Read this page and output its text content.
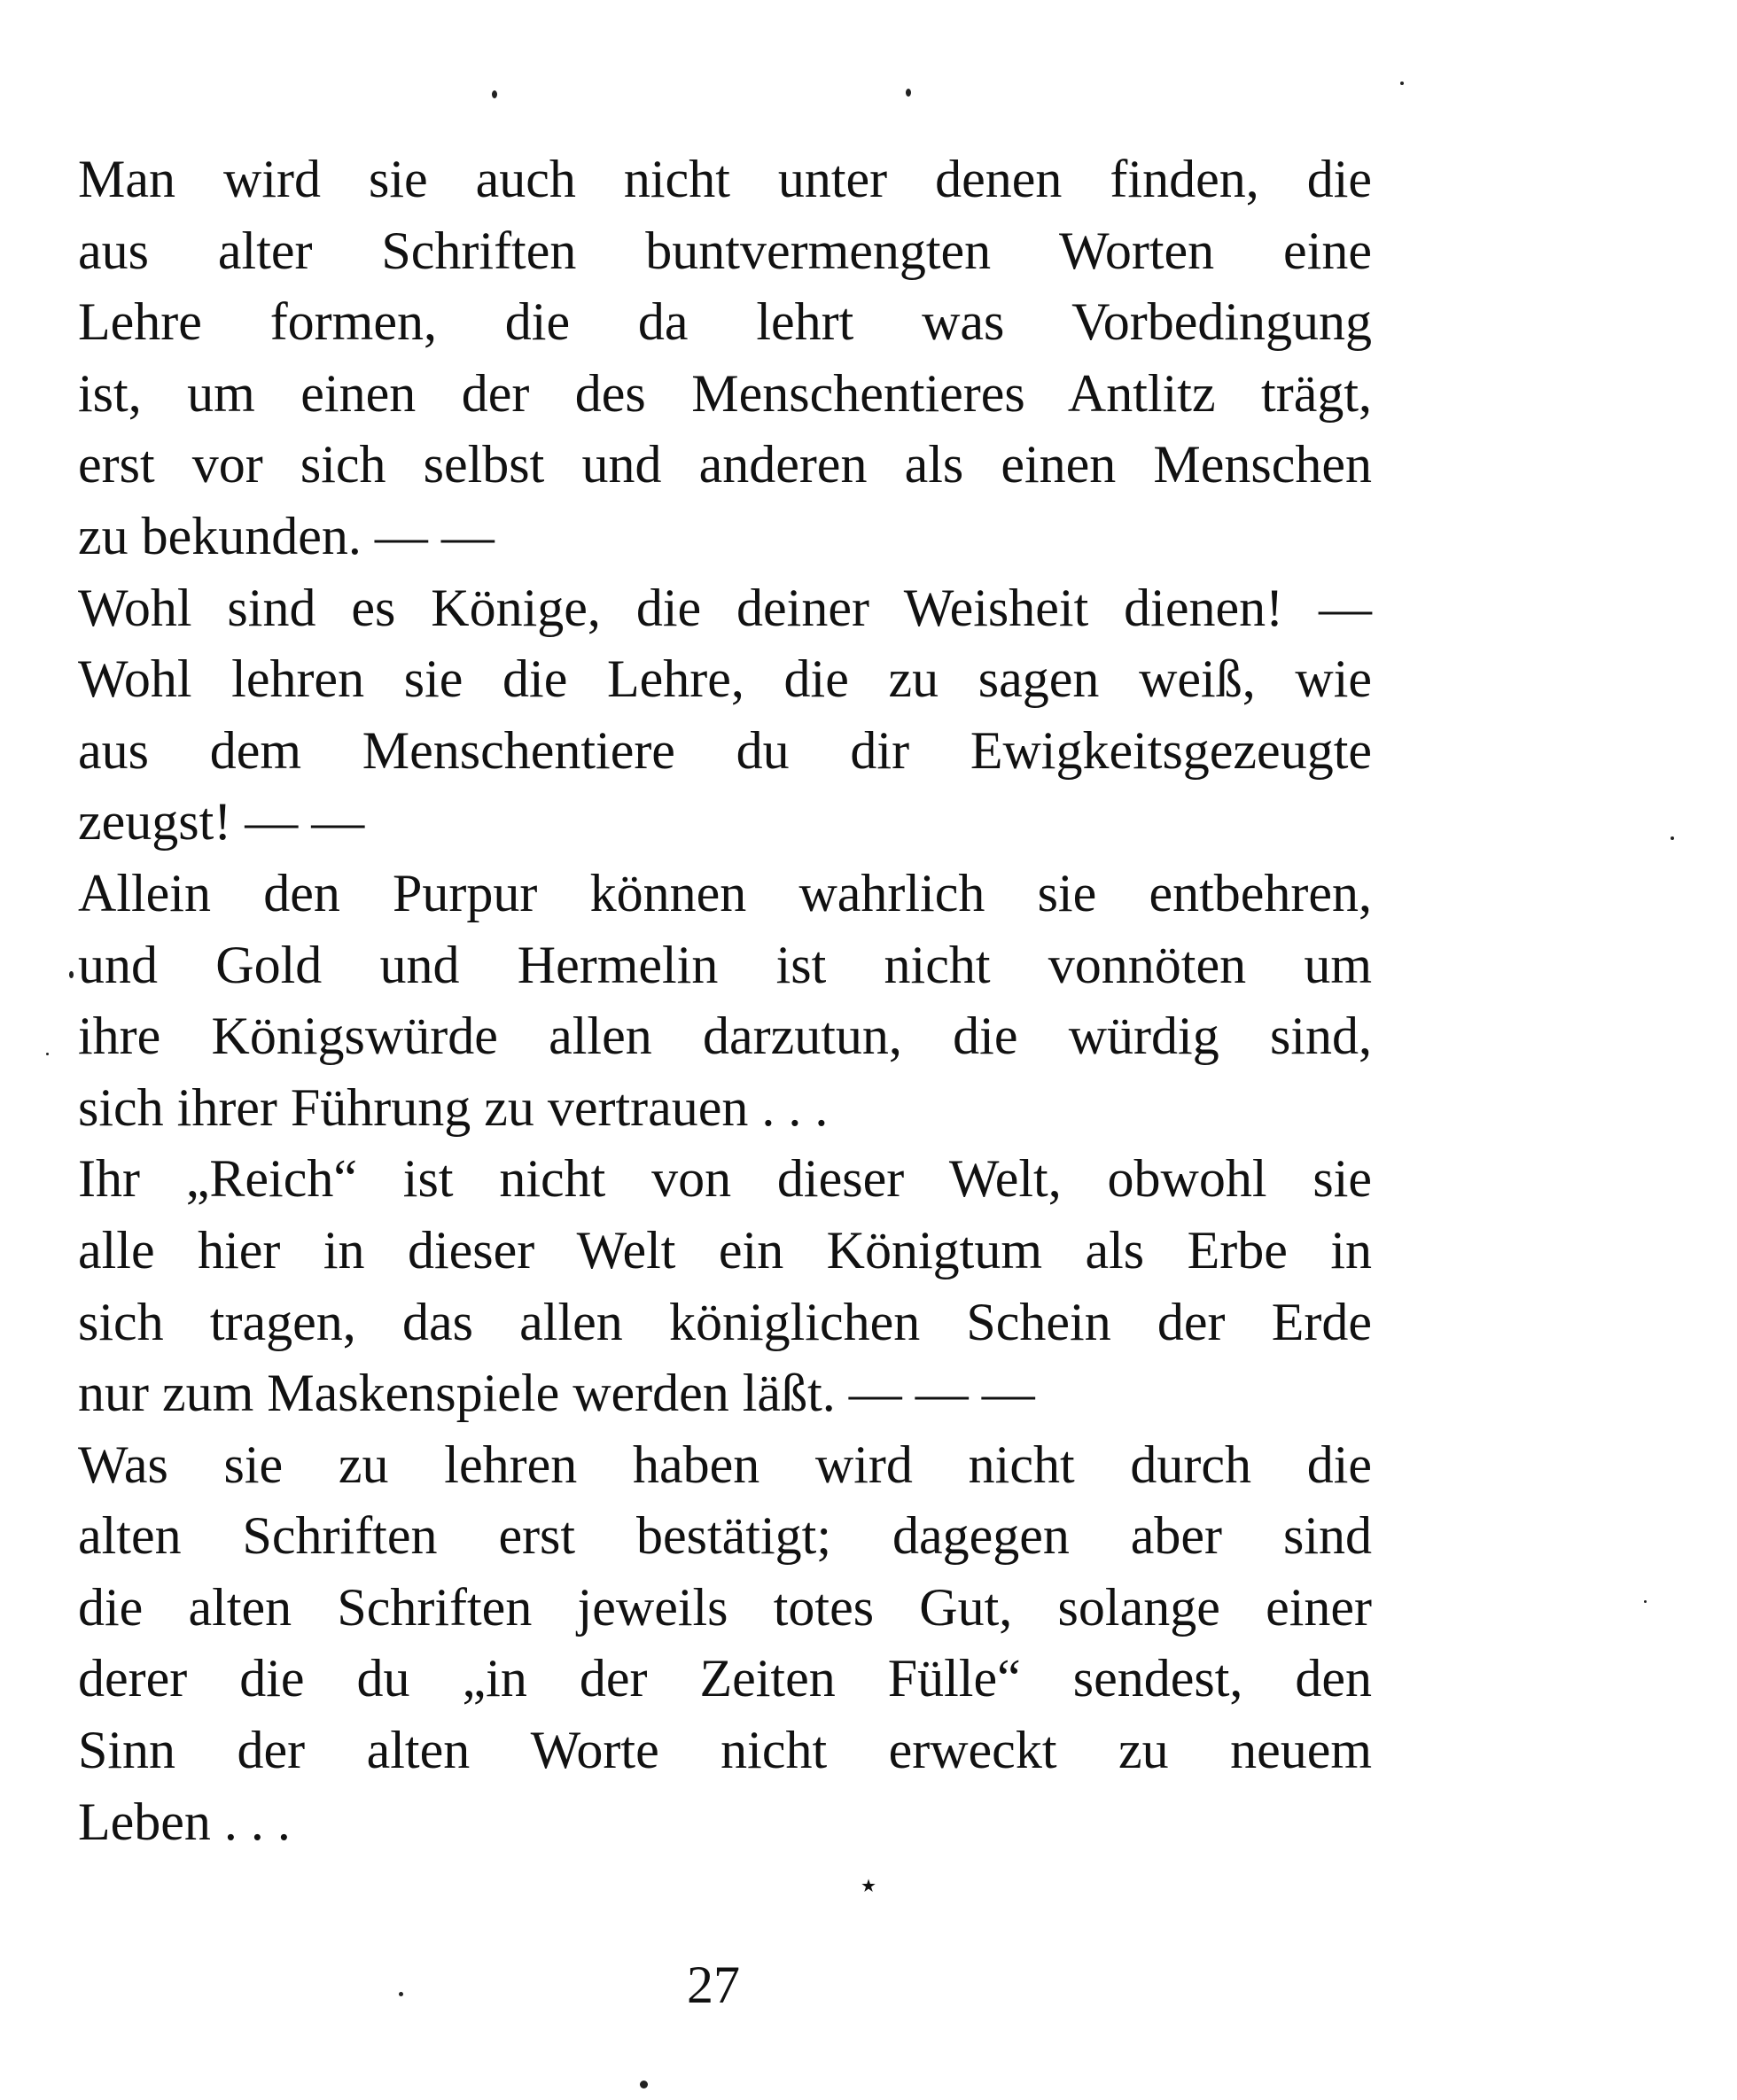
Man wird sie auch nicht unter denen finden, die
aus alter Schriften buntvermengten Worten eine
Lehre formen, die da lehrt was Vorbedingung
ist, um einen der des Menschentieres Antlitz trägt,
erst vor sich selbst und anderen als einen Menschen
zu bekunden. — —
Wohl sind es Könige, die deiner Weisheit dienen! —
Wohl lehren sie die Lehre, die zu sagen weiß, wie
aus dem Menschentiere du dir Ewigkeitsgezeugte
zeugst! — —
Allein den Purpur können wahrlich sie entbehren,
und Gold und Hermelin ist nicht vonnöten um
ihre Königswürde allen darzutun, die würdig sind,
sich ihrer Führung zu vertrauen . . .
Ihr „Reich“ ist nicht von dieser Welt, obwohl sie
alle hier in dieser Welt ein Königtum als Erbe in
sich tragen, das allen königlichen Schein der Erde
nur zum Maskenspiele werden läßt. — — —
Was sie zu lehren haben wird nicht durch die
alten Schriften erst bestätigt; dagegen aber sind
die alten Schriften jeweils totes Gut, solange einer
derer die du „in der Zeiten Fülle“ sendest, den
Sinn der alten Worte nicht erweckt zu neuem
Leben . . .
⋆
27
